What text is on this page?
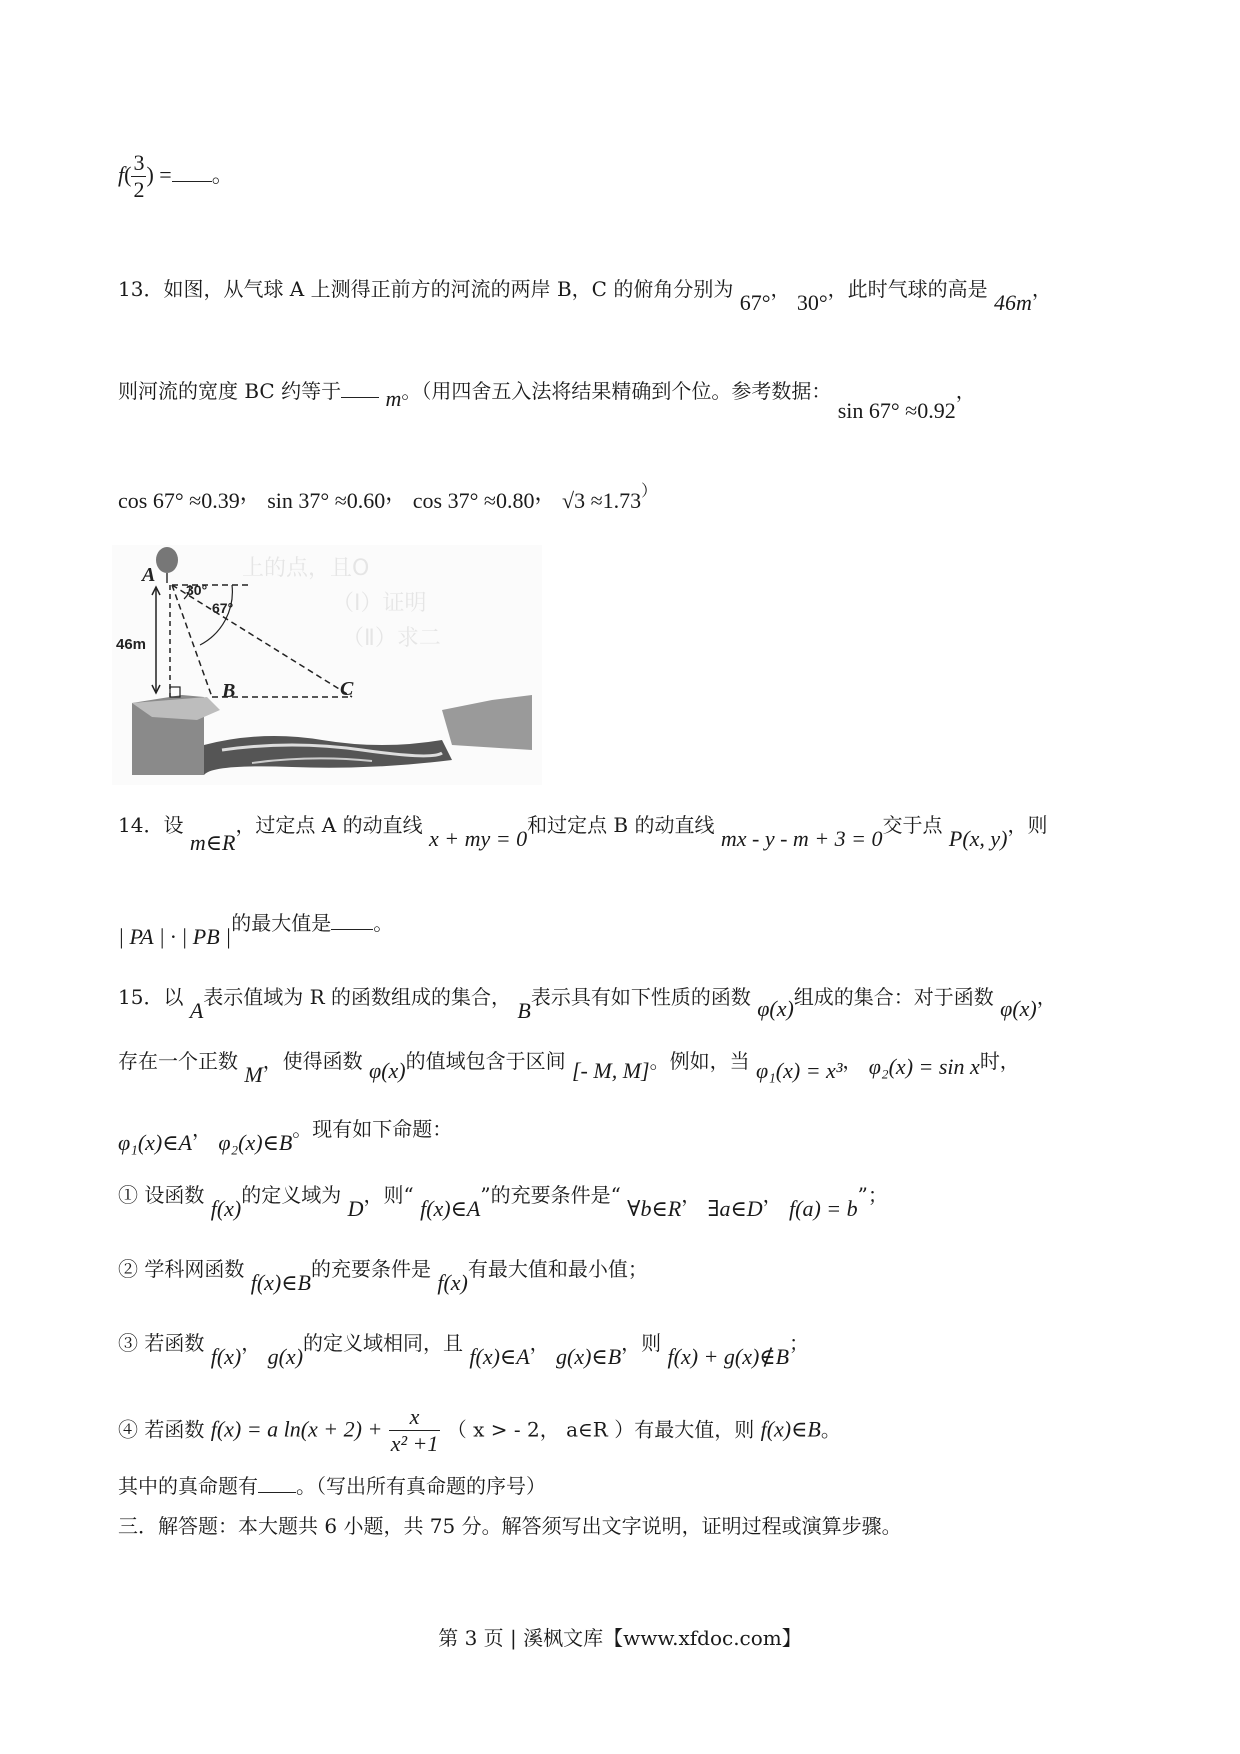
$f( \frac{3}{2}$ ) = 。
13．如图，从气球 A 上测得正前方的河流的两岸 B，C 的俯角分别为 67°， 30°，此时气球的高是 46m，
则河流的宽度 BC 约等于 m。（用四舍五入法将结果精确到个位。参考数据： sin 67° ≈0.92，
cos 67° ≈0.39， sin 37° ≈0.60， cos 37° ≈0.80， √3 ≈1.73）
上的点，且O
（Ⅰ）证明
（Ⅱ）求二
A
30°
67°
46m
B	C
14．设 m∈R，过定点 A 的动直线 x + my = 0和过定点 B 的动直线 mx - y - m + 3 = 0交于点 P(x, y)，则
| PA | · | PB |的最大值是 。
15．以 A表示值域为 R 的函数组成的集合， B表示具有如下性质的函数 φ(x)组成的集合：对于函数 φ(x)，
存在一个正数 M，使得函数 φ(x)的值域包含于区间 [- M, M]。例如，当 φ₁(x) = x³， φ₂(x) = sin x时，
φ₁(x)∈A， φ₂(x)∈B。现有如下命题：
① 设函数 f(x)的定义域为 D，则“ f(x)∈A”的充要条件是“ ∀b∈R， ∃a∈D， f(a) = b”；
② 学科网函数 f(x)∈B的充要条件是 f(x)有最大值和最小值；
③ 若函数 f(x)， g(x)的定义域相同，且 f(x)∈A， g(x)∈B，则 f(x) + g(x)∉B；
④ 若函数 f(x) = a $\ln(x + 2) + \frac{x}{\text{x² +1}}$ （ x > - 2， a∈R ）有最大值，则 f(x)∈B。
其中的真命题有 。（写出所有真命题的序号）
三．解答题：本大题共 6 小题，共 75 分。解答须写出文字说明，证明过程或演算步骤。
第 3 页 | 溪枫文库【www.xfdoc.com】
